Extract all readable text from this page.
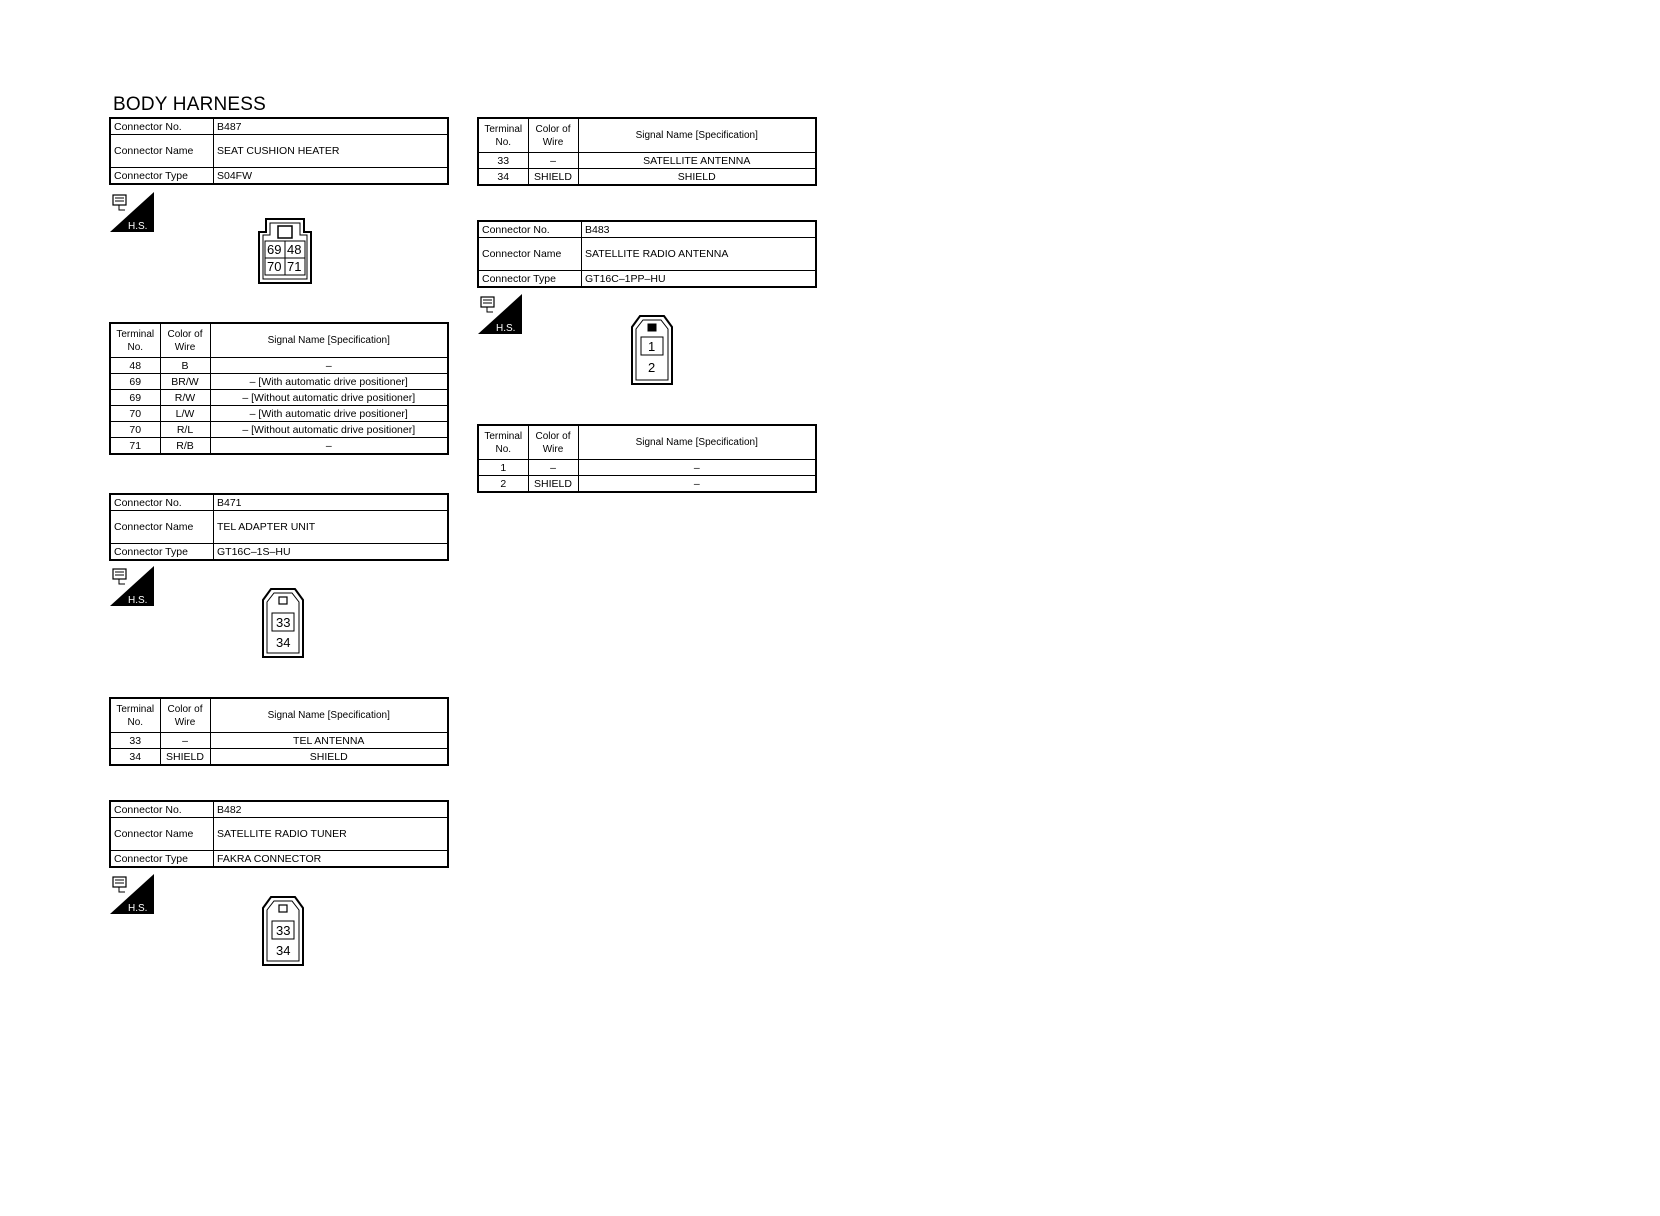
BODY HARNESS
Connector No.	B487
Connector Name	SEAT CUSHION HEATER
Connector Type	S04FW
H.S.
69 48
70 71
Terminal No.	Color of Wire	Signal Name [Specification]
48	B	–
69	BR/W	– [With automatic drive positioner]
69	R/W	– [Without automatic drive positioner]
70	L/W	– [With automatic drive positioner]
70	R/L	– [Without automatic drive positioner]
71	R/B	–
Connector No.	B471
Connector Name	TEL ADAPTER UNIT
Connector Type	GT16C–1S–HU
H.S.
33
34
Terminal No.	Color of Wire	Signal Name [Specification]
33	–	TEL ANTENNA
34	SHIELD	SHIELD
Connector No.	B482
Connector Name	SATELLITE RADIO TUNER
Connector Type	FAKRA CONNECTOR
H.S.
33
34
Terminal No.	Color of Wire	Signal Name [Specification]
33	–	SATELLITE ANTENNA
34	SHIELD	SHIELD
Connector No.	B483
Connector Name	SATELLITE RADIO ANTENNA
Connector Type	GT16C–1PP–HU
H.S.
1
2
Terminal No.	Color of Wire	Signal Name [Specification]
1	–	–
2	SHIELD	–
